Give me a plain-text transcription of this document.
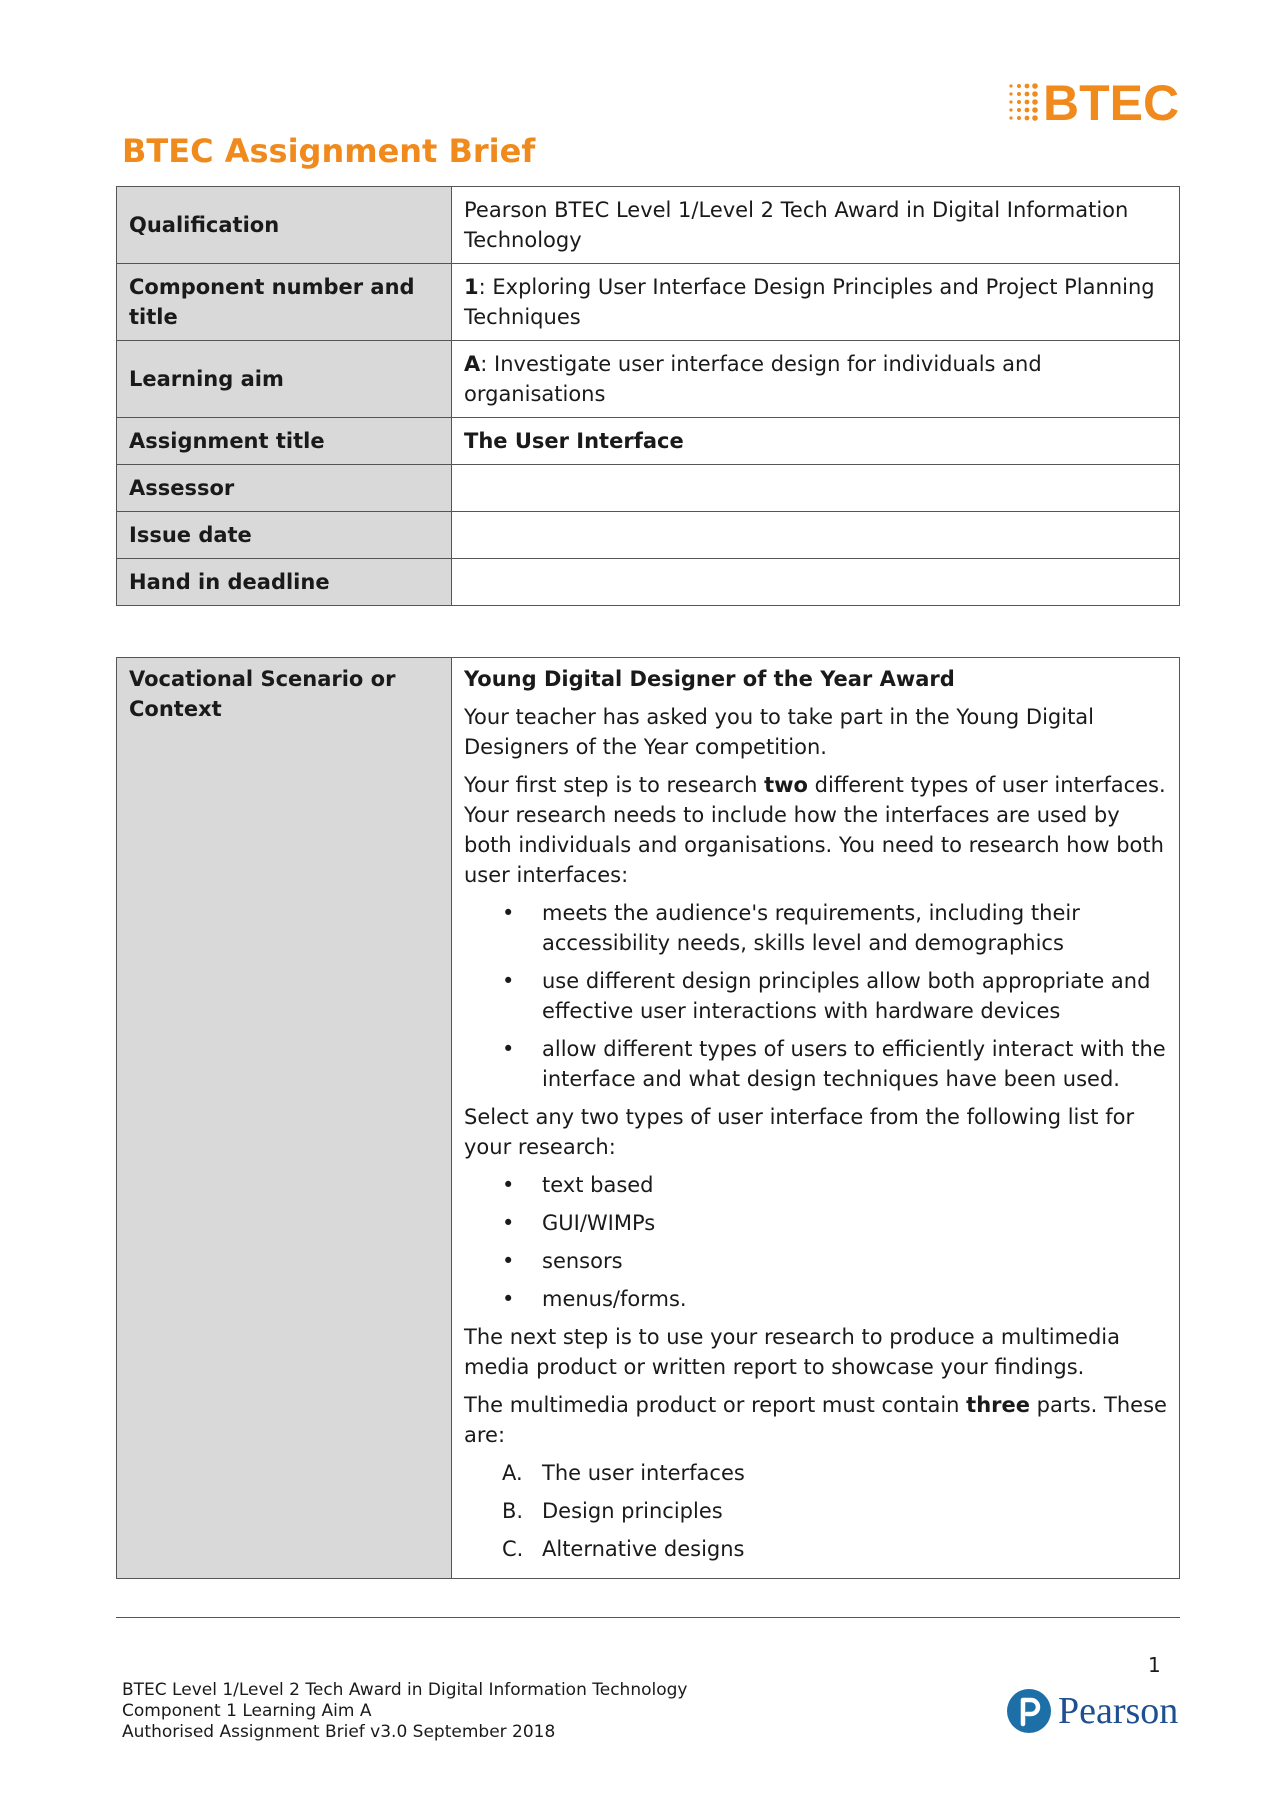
BTEC
BTEC Assignment Brief
Qualification	Pearson BTEC Level 1/Level 2 Tech Award in Digital Information Technology
Component number and title	1: Exploring User Interface Design Principles and Project Planning Techniques
Learning aim	A: Investigate user interface design for individuals and organisations
Assignment title	The User Interface
Assessor	
Issue date	
Hand in deadline	
Vocational Scenario or Context	

Young Digital Designer of the Year Award

Your teacher has asked you to take part in the Young Digital Designers of the Year competition.

Your first step is to research two different types of user interfaces. Your research needs to include how the interfaces are used by both individuals and organisations. You need to research how both user interfaces:

• meets the audience's requirements, including their accessibility needs, skills level and demographics
• use different design principles allow both appropriate and effective user interactions with hardware devices
• allow different types of users to efficiently interact with the interface and what design techniques have been used.

Select any two types of user interface from the following list for your research:

• text based
• GUI/WIMPs
• sensors
• menus/forms.

The next step is to use your research to produce a multimedia media product or written report to showcase your findings.

The multimedia product or report must contain three parts. These are:

A. The user interfaces
B. Design principles
C. Alternative designs
1
BTEC Level 1/Level 2 Tech Award in Digital Information Technology
Component 1 Learning Aim A
Authorised Assignment Brief v3.0 September 2018	Pearson
